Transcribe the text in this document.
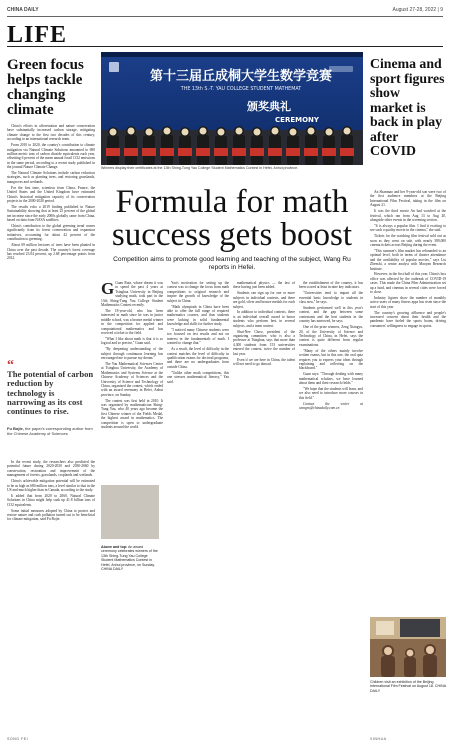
CHINA DAILY	August 27-28, 2022 | 9
LIFE
Green focus helps tackle changing climate

China's efforts in afforestation and nature conservation have substantially increased carbon storage, mitigating climate change to the first two decades of this century, according to an international research team.

From 2010 to 2020, the country's contribution to climate mitigation via Natural Climate Solutions amounted to 690 million metric tons of carbon dioxide equivalents each year, offsetting 6 percent of the mean annual fossil CO2 emissions in the same period, according to a recent study published in the journal Nature Climate Change.

The Natural Climate Solutions include carbon reduction strategies, such as planting trees, and restoring grasslands, mangroves and wetlands.

For the first time, scientists from China, France, the United States and the United Kingdom have estimated China's historical mitigation capacity of its conservation projects in the 2000-2020 period.

The results echo a 2019 finding published in Nature Sustainability showing that at least 25 percent of the global net increase since the early 2000s globally came from China, based on data from NASA satellites.

China's contribution to the global greening trend comes significantly from its forest conservation and expansion initiatives, accounting for about 42 percent of the contribution to greening.

About 69 million hectares of trees have been planted in China over the past decade. The country's forest coverage has reached 23.04 percent, up 2.68 percentage points from 2012.

“
The potential of carbon reduction by technology is narrowing as its cost continues to rise.
Fu Bojie, the paper's corresponding author from the Chinese Academy of Sciences

In the recent study, the researchers also predicted the potential future during 2020-2030 and 2030-2060 by conservation, restoration and improvement of the management of forests, grasslands, croplands and wetlands.

China's achievable mitigation potential will be estimated to be as high as 680 million tons, a level similar to that in the US and much higher than in Canada, according to the study.

It added that from 2020 to 2060, Natural Climate Solutions in China might help soak up 41.8 billion tons of CO2 equivalents.

Some initial measures adopted by China to protect and restore nature and curb pollution turned out to be beneficial for climate mitigation, said Fu Bojie.

SONG FEI
第十三届丘成桐大学生数学竞赛
THE 13th S.-T. YAU COLLEGE STUDENT MATHEMAT
颁奖典礼
CEREMONY
Winners display their certificates at the 13th Shing-Tung Yau College Student Mathematics Contest in Hefei, Anhui province.
Formula for math success gets boost
Competition aims to promote good learning and teaching of the subject, Wang Ru reports in Hefei.

G Guan Ruiz, whose dream it was to spend the past 4 years at Tsinghua University in Beijing studying math, took part in the 13th Shing-Tung Yau College Student Mathematics Contest recently.

The 18-year-old, who has been interested in math since he was in junior middle school, was a bronze medal winner in the competition for applied and computational mathematics and has received a ticket to the field.

"What I like about math is that it is so logical and so precise," Guan said.

"By deepening understanding of the subject through continuous learning has encouraged me to pursue my dream."

The Yau Mathematical Sciences Center at Tsinghua University, the Academy of Mathematics and Systems Science at the Chinese Academy of Sciences and the University of Science and Technology of China, organized the contest, which ended with an award ceremony in Hefei, Anhui province, on Sunday.

The contest was first held in 2010. It was organized by mathematician Shing-Tung Yau, who 40 years ago became the first Chinese winner of the Fields Medal, the highest award in mathematics. The competition is open to undergraduate students around the world.

Yau's motivation for setting up the contest was to change the focus from math competitions to original research and inspire the growth of knowledge of the subject in China.

"Math olympiads in China have been able to offer the full range of required mathematics courses, and thus students were lacking in solid fundamental knowledge and skills for further study.

"I noticed many Chinese students were too focused on test results and not on interest in the fundamentals of math. I wanted to change that."

As a result, the level of difficulty in the contest matches the level of difficulty in qualification exams for doctoral programs, and there are no undergraduates from outside China.

"Unlike other math competitions, this one stresses mathematical literacy," Yau said.

Above and top: An award ceremony celebrates winners of the 13th Shing-Tung Yau College Student Mathematics Contest in Hefei, Anhui province, on Sunday. CHINA DAILY

mathematical physics — the last of these having just been added.

Students can sign up for one or more subjects in individual contests, and there are gold, silver and bronze medals for each subject.

In addition to individual contests, there is an individual overall award to honor students who perform best in several subjects, and a team contest.

Shui-Nee Chow, president of the organizing committee, who is also a professor at Tsinghua, says that more than 4,300 students from 153 universities entered the contest, twice the number of last year.

Even if we are here in China, the talent will not need to go abroad.

the establishment of the country, it has been scored at least in nine key indicators.

"Universities tend to impart all the essential basic knowledge to students in class now," he says.

Students performed well in this year's contest, and the gap between some contestants and the best students in the country has narrowed, he says.

One of the prize winners, Zeng Xiangyu, 20, of the University of Science and Technology of China, in Hefei, says the contest is quite different from regular examinations.

"Many of the others mainly involve written exams, but in this one, the oral quiz requires you to express your ideas through explaining and reflecting on the blackboard."

Guan says: "Through dealing with many mathematical scholars, we have learned about them and their research fields."

"We hope that the students will learn, and we also need to introduce more courses in this field."

Contact the writer at wangru@chinadaily.com.cn

Cinema and sport figures show market is back in play after COVID

An Shanmao and her 9-year-old son were two of the first audience members at the Beijing International Film Festival, taking in the film on August 21.

It was the third movie An had watched at the festival, which ran from Aug 13 to Aug 20, alongside other events in the screening section.

"It is always a popular film. I find it exciting to see such a quality movie in the cinema," she said.

Tickets for the watching film festival sold out as soon as they went on sale, with nearly 380,000 cinema tickets across Beijing during the event.

"This summer's film market has rebounded to an optimal level, both in terms of theater attendance and the availability of popular movies," says Liu Zhenshi, a senior analyst with Maoyan Research Institute.

However, in the first half of this year, China's box office was affected by the outbreak of COVID-19 cases. This made the China Film Administration set up a fund, and cinemas in several cities were forced to close.

Industry figures show the number of monthly active users of many fitness apps has risen since the start of this year.

The country's growing affluence and people's increased concern about their health and the pandemic have fueled the sports boom, driving consumers' willingness to engage in sports.

Children visit an exhibition of the Beijing International Film Festival on August 18. CHINA DAILY
XINHUA
